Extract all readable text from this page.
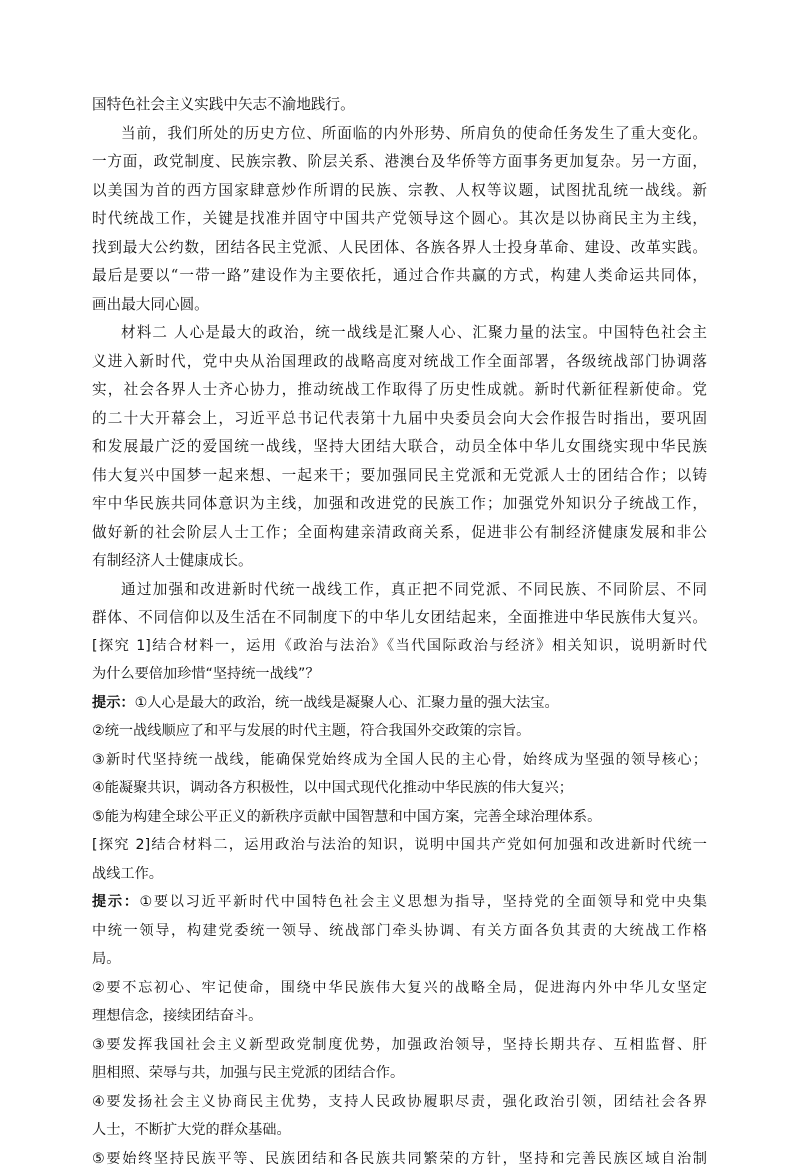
国特色社会主义实践中矢志不渝地践行。
当前，我们所处的历史方位、所面临的内外形势、所肩负的使命任务发生了重大变化。
一方面，政党制度、民族宗教、阶层关系、港澳台及华侨等方面事务更加复杂。另一方面，
以美国为首的西方国家肆意炒作所谓的民族、宗教、人权等议题，试图扰乱统一战线。新
时代统战工作，关键是找准并固守中国共产党领导这个圆心。其次是以协商民主为主线，
找到最大公约数，团结各民主党派、人民团体、各族各界人士投身革命、建设、改革实践。
最后是要以“一带一路”建设作为主要依托，通过合作共赢的方式，构建人类命运共同体，
画出最大同心圆。
材料二 人心是最大的政治，统一战线是汇聚人心、汇聚力量的法宝。中国特色社会主
义进入新时代，党中央从治国理政的战略高度对统战工作全面部署，各级统战部门协调落
实，社会各界人士齐心协力，推动统战工作取得了历史性成就。新时代新征程新使命。党
的二十大开幕会上，习近平总书记代表第十九届中央委员会向大会作报告时指出，要巩固
和发展最广泛的爱国统一战线，坚持大团结大联合，动员全体中华儿女围绕实现中华民族
伟大复兴中国梦一起来想、一起来干；要加强同民主党派和无党派人士的团结合作；以铸
牢中华民族共同体意识为主线，加强和改进党的民族工作；加强党外知识分子统战工作，
做好新的社会阶层人士工作；全面构建亲清政商关系，促进非公有制经济健康发展和非公
有制经济人士健康成长。
通过加强和改进新时代统一战线工作，真正把不同党派、不同民族、不同阶层、不同
群体、不同信仰以及生活在不同制度下的中华儿女团结起来，全面推进中华民族伟大复兴。
[探究 1]结合材料一，运用《政治与法治》《当代国际政治与经济》相关知识，说明新时代
为什么要倍加珍惜“坚持统一战线”？
提示：①人心是最大的政治，统一战线是凝聚人心、汇聚力量的强大法宝。
②统一战线顺应了和平与发展的时代主题，符合我国外交政策的宗旨。
③新时代坚持统一战线，能确保党始终成为全国人民的主心骨，始终成为坚强的领导核心；
④能凝聚共识，调动各方积极性，以中国式现代化推动中华民族的伟大复兴；
⑤能为构建全球公平正义的新秩序贡献中国智慧和中国方案，完善全球治理体系。
[探究 2]结合材料二，运用政治与法治的知识，说明中国共产党如何加强和改进新时代统一
战线工作。
提示：①要以习近平新时代中国特色社会主义思想为指导，坚持党的全面领导和党中央集
中统一领导，构建党委统一领导、统战部门牵头协调、有关方面各负其责的大统战工作格
局。
②要不忘初心、牢记使命，围绕中华民族伟大复兴的战略全局，促进海内外中华儿女坚定
理想信念，接续团结奋斗。
③要发挥我国社会主义新型政党制度优势，加强政治领导，坚持长期共存、互相监督、肝
胆相照、荣辱与共，加强与民主党派的团结合作。
④要发扬社会主义协商民主优势，支持人民政协履职尽责，强化政治引领，团结社会各界
人士，不断扩大党的群众基础。
⑤要始终坚持民族平等、民族团结和各民族共同繁荣的方针，坚持和完善民族区域自治制
